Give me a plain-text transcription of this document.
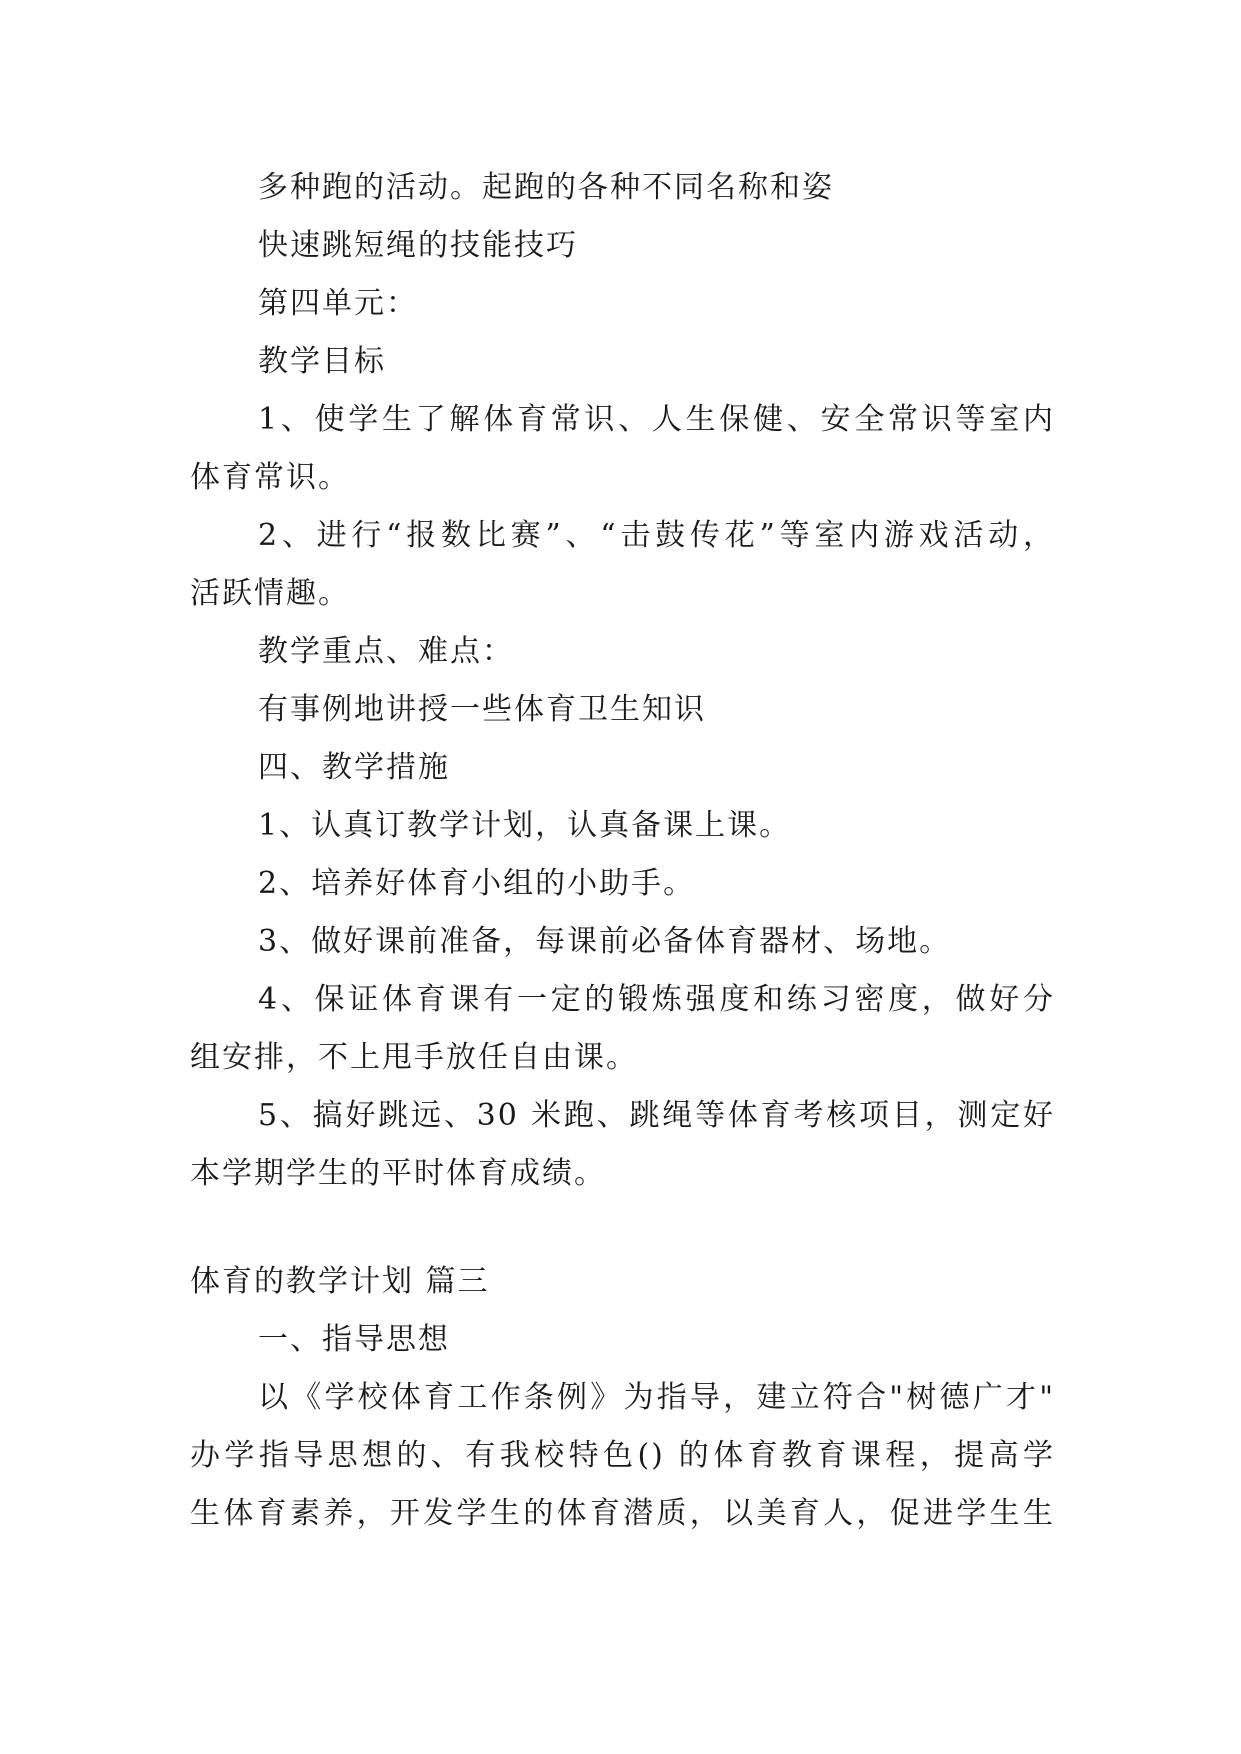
多种跑的活动。起跑的各种不同名称和姿
快速跳短绳的技能技巧
第四单元：
教学目标
1、使学生了解体育常识、人生保健、安全常识等室内
体育常识。
2、进行“报数比赛”、“击鼓传花”等室内游戏活动，
活跃情趣。
教学重点、难点：
有事例地讲授一些体育卫生知识
四、教学措施
1、认真订教学计划，认真备课上课。
2、培养好体育小组的小助手。
3、做好课前准备，每课前必备体育器材、场地。
4、保证体育课有一定的锻炼强度和练习密度，做好分
组安排，不上甩手放任自由课。
5、搞好跳远、30 米跑、跳绳等体育考核项目，测定好
本学期学生的平时体育成绩。
体育的教学计划 篇三
一、指导思想
以《学校体育工作条例》为指导，建立符合"树德广才"
办学指导思想的、有我校特色() 的体育教育课程，提高学
生体育素养，开发学生的体育潜质，以美育人，促进学生生
